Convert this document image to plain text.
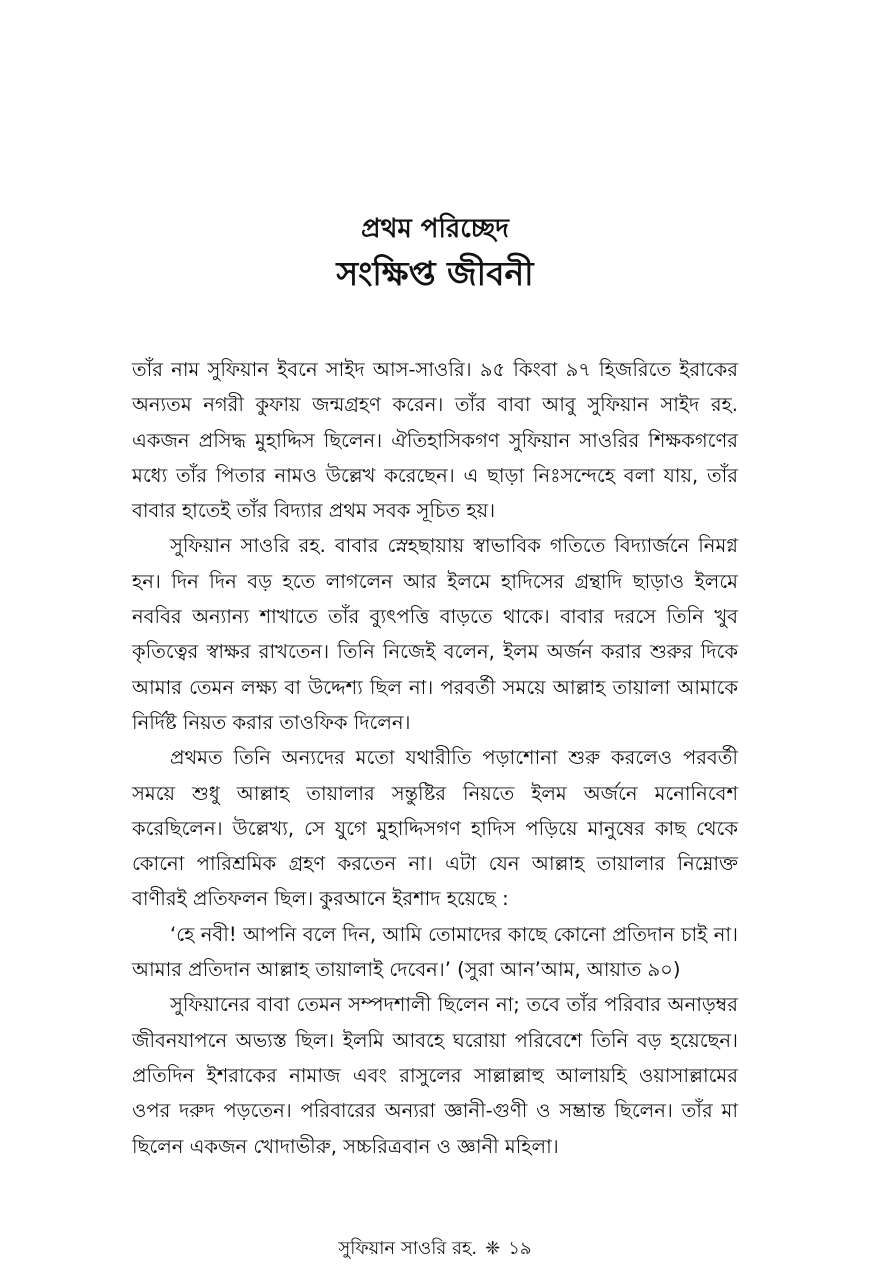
প্রথম পরিচ্ছেদ
সংক্ষিপ্ত জীবনী

তাঁর নাম সুফিয়ান ইবনে সাইদ আস-সাওরি। ৯৫ কিংবা ৯৭ হিজরিতে ইরাকের অন্যতম নগরী কুফায় জন্মগ্রহণ করেন। তাঁর বাবা আবু সুফিয়ান সাইদ রহ. একজন প্রসিদ্ধ মুহাদ্দিস ছিলেন। ঐতিহাসিকগণ সুফিয়ান সাওরির শিক্ষকগণের মধ্যে তাঁর পিতার নামও উল্লেখ করেছেন। এ ছাড়া নিঃসন্দেহে বলা যায়, তাঁর বাবার হাতেই তাঁর বিদ্যার প্রথম সবক সূচিত হয়।

সুফিয়ান সাওরি রহ. বাবার স্নেহছায়ায় স্বাভাবিক গতিতে বিদ্যার্জনে নিমগ্ন হন। দিন দিন বড় হতে লাগলেন আর ইলমে হাদিসের গ্রন্থাদি ছাড়াও ইলমে নববির অন্যান্য শাখাতে তাঁর ব্যুৎপত্তি বাড়তে থাকে। বাবার দরসে তিনি খুব কৃতিত্বের স্বাক্ষর রাখতেন। তিনি নিজেই বলেন, ইলম অর্জন করার শুরুর দিকে আমার তেমন লক্ষ্য বা উদ্দেশ্য ছিল না। পরবর্তী সময়ে আল্লাহ তায়ালা আমাকে নির্দিষ্ট নিয়ত করার তাওফিক দিলেন।

প্রথমত তিনি অন্যদের মতো যথারীতি পড়াশোনা শুরু করলেও পরবর্তী সময়ে শুধু আল্লাহ তায়ালার সন্তুষ্টির নিয়তে ইলম অর্জনে মনোনিবেশ করেছিলেন। উল্লেখ্য, সে যুগে মুহাদ্দিসগণ হাদিস পড়িয়ে মানুষের কাছ থেকে কোনো পারিশ্রমিক গ্রহণ করতেন না। এটা যেন আল্লাহ তায়ালার নিম্নোক্ত বাণীরই প্রতিফলন ছিল। কুরআনে ইরশাদ হয়েছে :

‘হে নবী! আপনি বলে দিন, আমি তোমাদের কাছে কোনো প্রতিদান চাই না। আমার প্রতিদান আল্লাহ তায়ালাই দেবেন।’ (সুরা আন’আম, আয়াত ৯০)

সুফিয়ানের বাবা তেমন সম্পদশালী ছিলেন না; তবে তাঁর পরিবার অনাড়ম্বর জীবনযাপনে অভ্যস্ত ছিল। ইলমি আবহে ঘরোয়া পরিবেশে তিনি বড় হয়েছেন। প্রতিদিন ইশরাকের নামাজ এবং রাসুলের সাল্লাল্লাহু আলায়হি ওয়াসাল্লামের ওপর দরুদ পড়তেন। পরিবারের অন্যরা জ্ঞানী-গুণী ও সম্ভ্রান্ত ছিলেন। তাঁর মা ছিলেন একজন খোদাভীরু, সচ্চরিত্রবান ও জ্ঞানী মহিলা।

সুফিয়ান সাওরি রহ. ❈ ১৯
